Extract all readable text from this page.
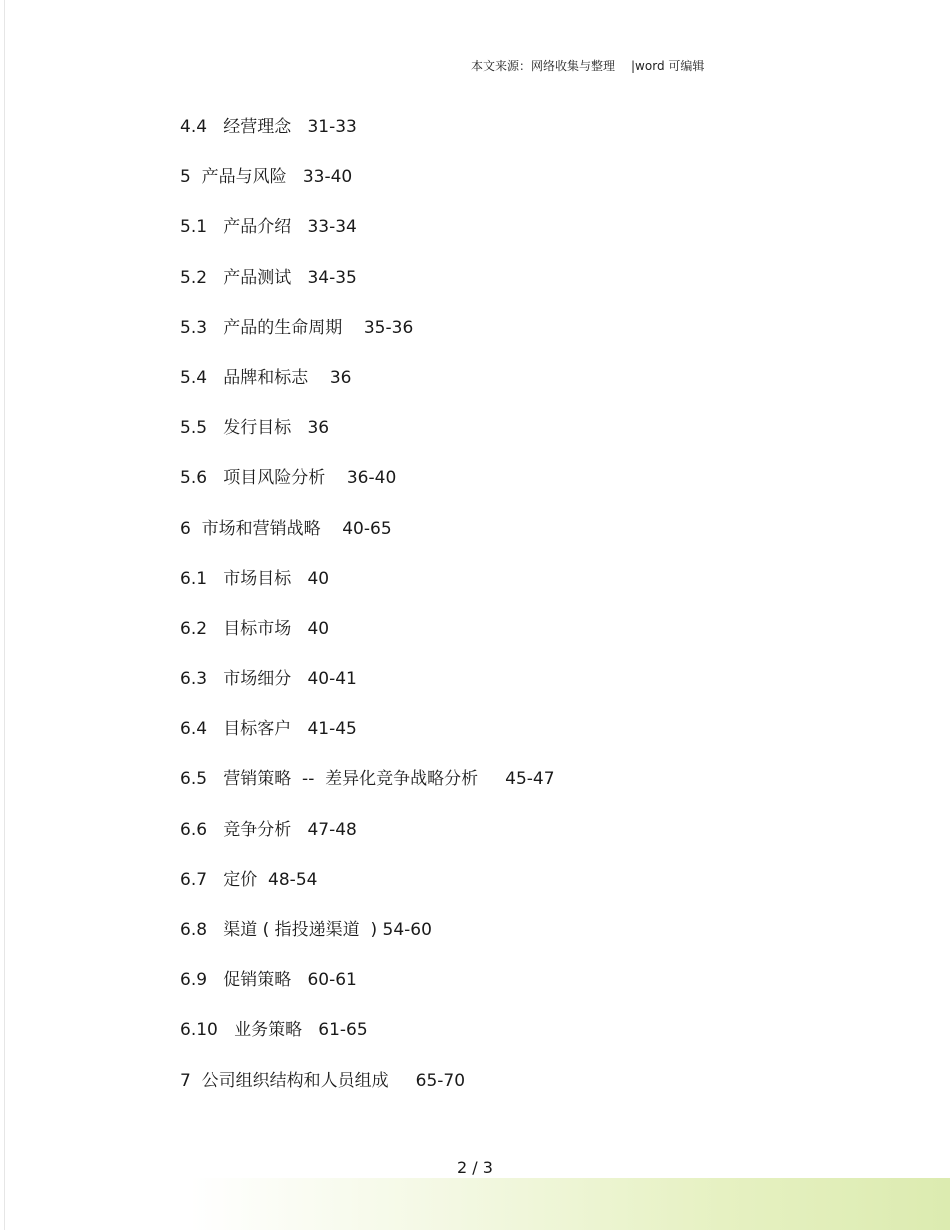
本文来源：网络收集与整理 |word 可编辑
4.4   经营理念   31-33
5  产品与风险   33-40
5.1   产品介绍   33-34
5.2   产品测试   34-35
5.3   产品的生命周期    35-36
5.4   品牌和标志    36
5.5   发行目标   36
5.6   项目风险分析    36-40
6  市场和营销战略    40-65
6.1   市场目标   40
6.2   目标市场   40
6.3   市场细分   40-41
6.4   目标客户   41-45
6.5   营销策略  --  差异化竞争战略分析     45-47
6.6   竞争分析   47-48
6.7   定价  48-54
6.8   渠道 ( 指投递渠道  ) 54-60
6.9   促销策略   60-61
6.10   业务策略   61-65
7  公司组织结构和人员组成     65-70
2 / 3
